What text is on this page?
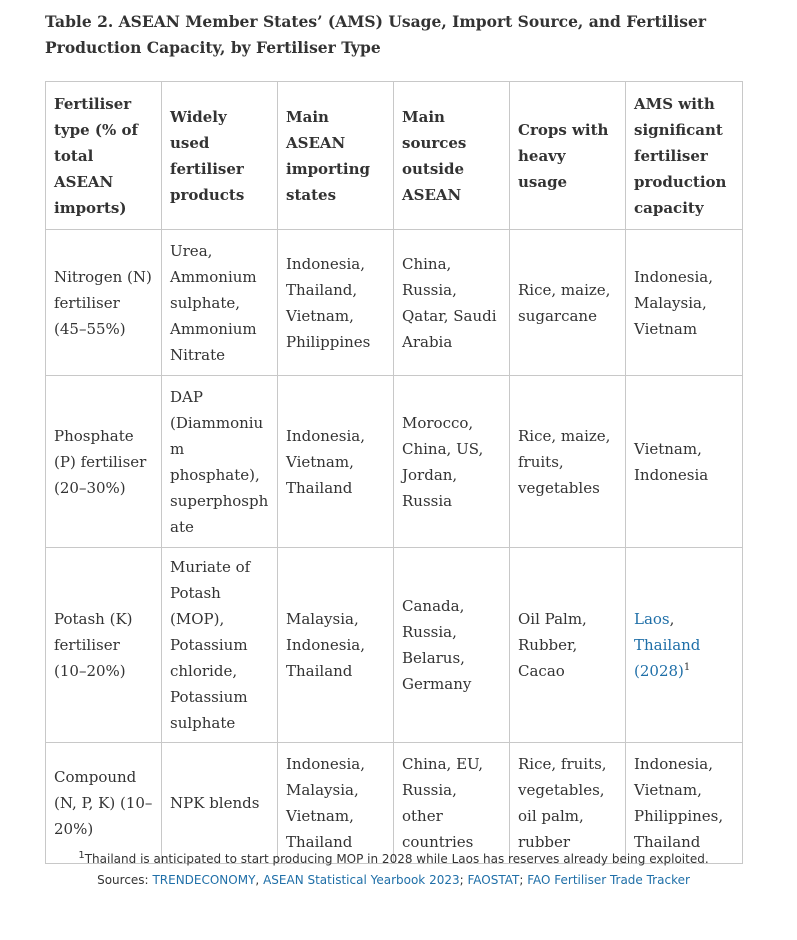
Table 2. ASEAN Member States’ (AMS) Usage, Import Source, and Fertiliser Production Capacity, by Fertiliser Type
Fertiliser type (% of total ASEAN imports)	Widely used fertiliser products	Main ASEAN importing states	Main sources outside ASEAN	Crops with heavy usage	AMS with significant fertiliser production capacity
Nitrogen (N) fertiliser (45–55%)	Urea, Ammonium sulphate, Ammonium Nitrate	Indonesia, Thailand, Vietnam, Philippines	China, Russia, Qatar, Saudi Arabia	Rice, maize, sugarcane	Indonesia, Malaysia, Vietnam
Phosphate (P) fertiliser (20–30%)	DAP (Diammonium phosphate), superphosphate	Indonesia, Vietnam, Thailand	Morocco, China, US, Jordan, Russia	Rice, maize, fruits, vegetables	Vietnam, Indonesia
Potash (K) fertiliser (10–20%)	Muriate of Potash (MOP), Potassium chloride, Potassium sulphate	Malaysia, Indonesia, Thailand	Canada, Russia, Belarus, Germany	Oil Palm, Rubber, Cacao	Laos, Thailand $(2028)^1$
Compound (N, P, K) (10–20%)	NPK blends	Indonesia, Malaysia, Vietnam, Thailand	China, EU, Russia, other countries	Rice, fruits, vegetables, oil palm, rubber	Indonesia, Vietnam, Philippines, Thailand
$^1$Thailand is anticipated to start producing MOP in 2028 while Laos has reserves already being exploited.
Sources: TRENDECONOMY, ASEAN Statistical Yearbook 2023; FAOSTAT; FAO Fertiliser Trade Tracker
